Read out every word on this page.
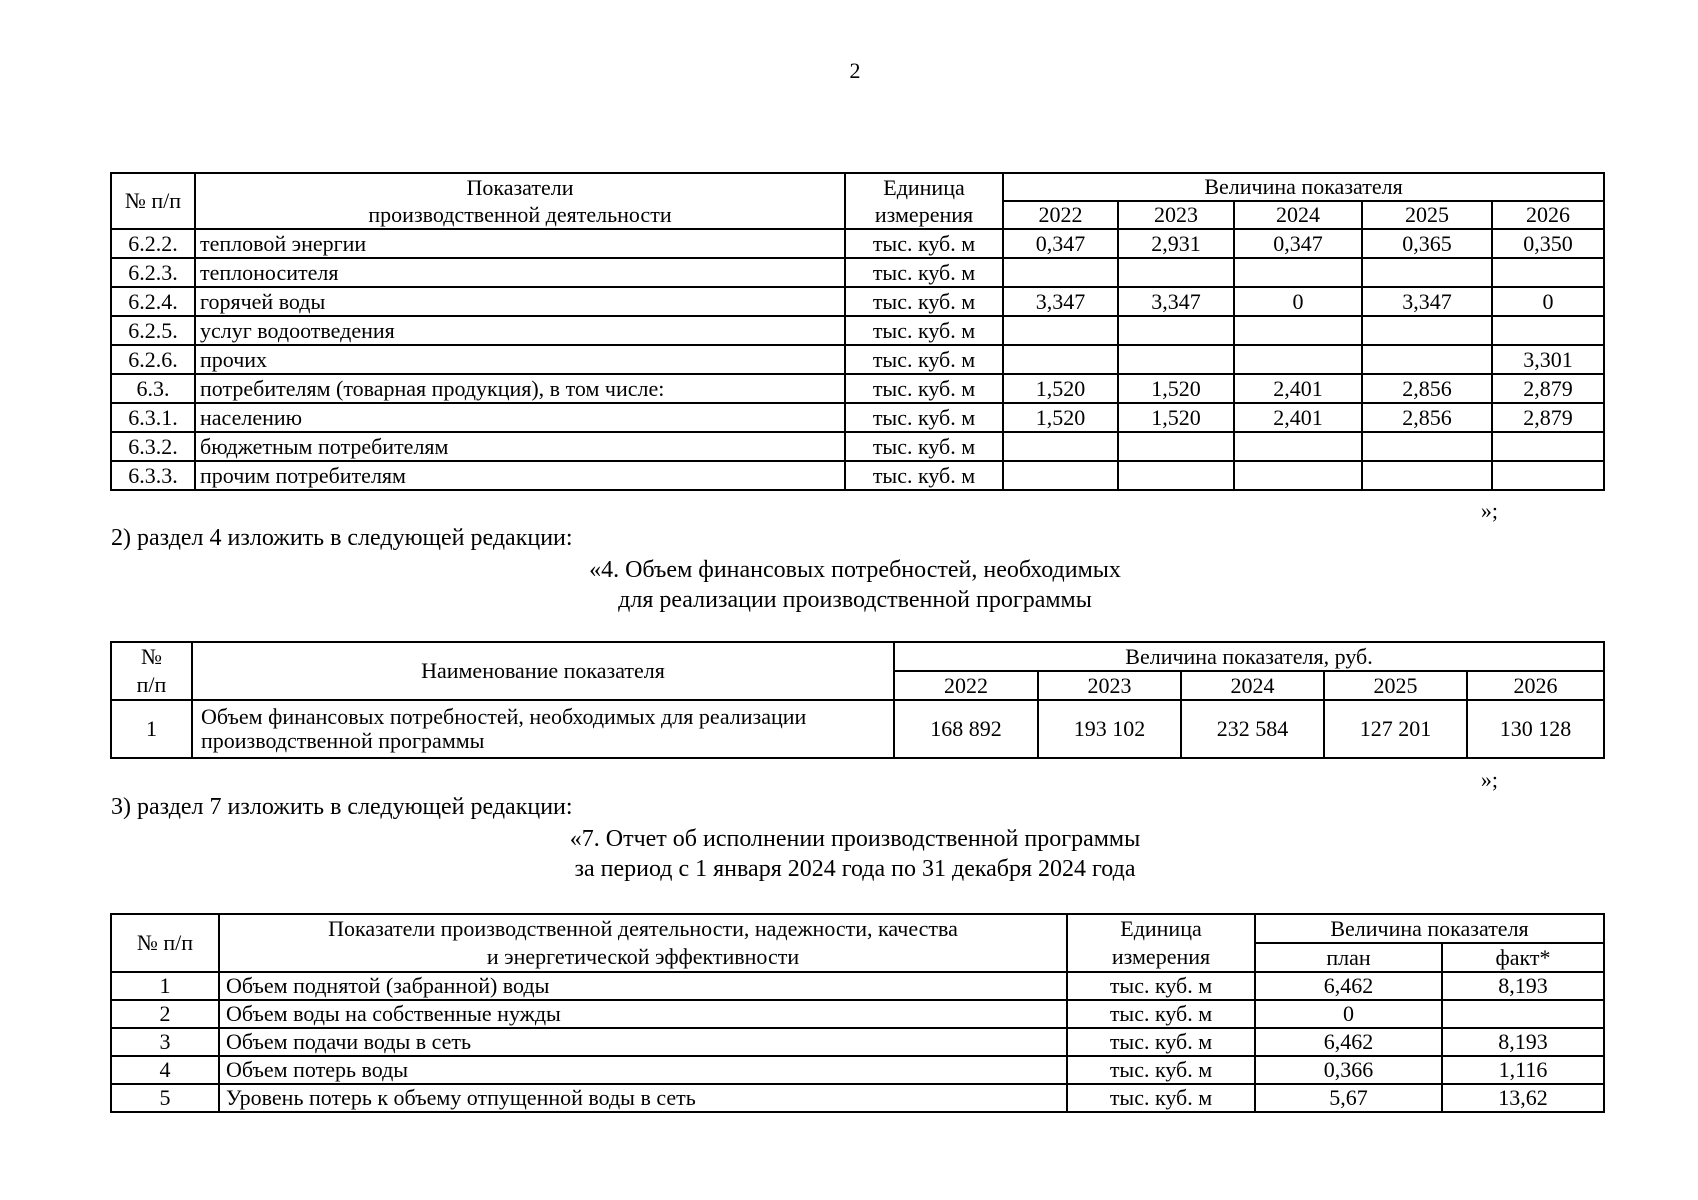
2
№ п/п	Показатели	Единица	Величина показателя				
	производственной деятельности	измерения	2022	2023	2024	2025	2026
6.2.2.	тепловой энергии	тыс. куб. м	0,347	2,931	0,347	0,365	0,350
6.2.3.	теплоносителя	тыс. куб. м					
6.2.4.	горячей воды	тыс. куб. м	3,347	3,347	0	3,347	0
6.2.5.	услуг водоотведения	тыс. куб. м					
6.2.6.	прочих	тыс. куб. м					3,301
6.3.	потребителям (товарная продукция), в том числе:	тыс. куб. м	1,520	1,520	2,401	2,856	2,879
6.3.1.	населению	тыс. куб. м	1,520	1,520	2,401	2,856	2,879
6.3.2.	бюджетным потребителям	тыс. куб. м					
6.3.3.	прочим потребителям	тыс. куб. м					
»;
2) раздел 4 изложить в следующей редакции:
«4. Объем финансовых потребностей, необходимых
для реализации производственной программы
№
п/п	Наименование показателя	Величина показателя, руб.				
		2022	2023	2024	2025	2026
1	Объем финансовых потребностей, необходимых для реализации производственной программы	168 892	193 102	232 584	127 201	130 128
»;
3) раздел 7 изложить в следующей редакции:
«7. Отчет об исполнении производственной программы
за период с 1 января 2024 года по 31 декабря 2024 года
№ п/п	Показатели производственной деятельности, надежности, качества	Единица	Величина показателя	
	и энергетической эффективности	измерения	план	факт*
1	Объем поднятой (забранной) воды	тыс. куб. м	6,462	8,193
2	Объем воды на собственные нужды	тыс. куб. м	0	
3	Объем подачи воды в сеть	тыс. куб. м	6,462	8,193
4	Объем потерь воды	тыс. куб. м	0,366	1,116
5	Уровень потерь к объему отпущенной воды в сеть	тыс. куб. м	5,67	13,62
